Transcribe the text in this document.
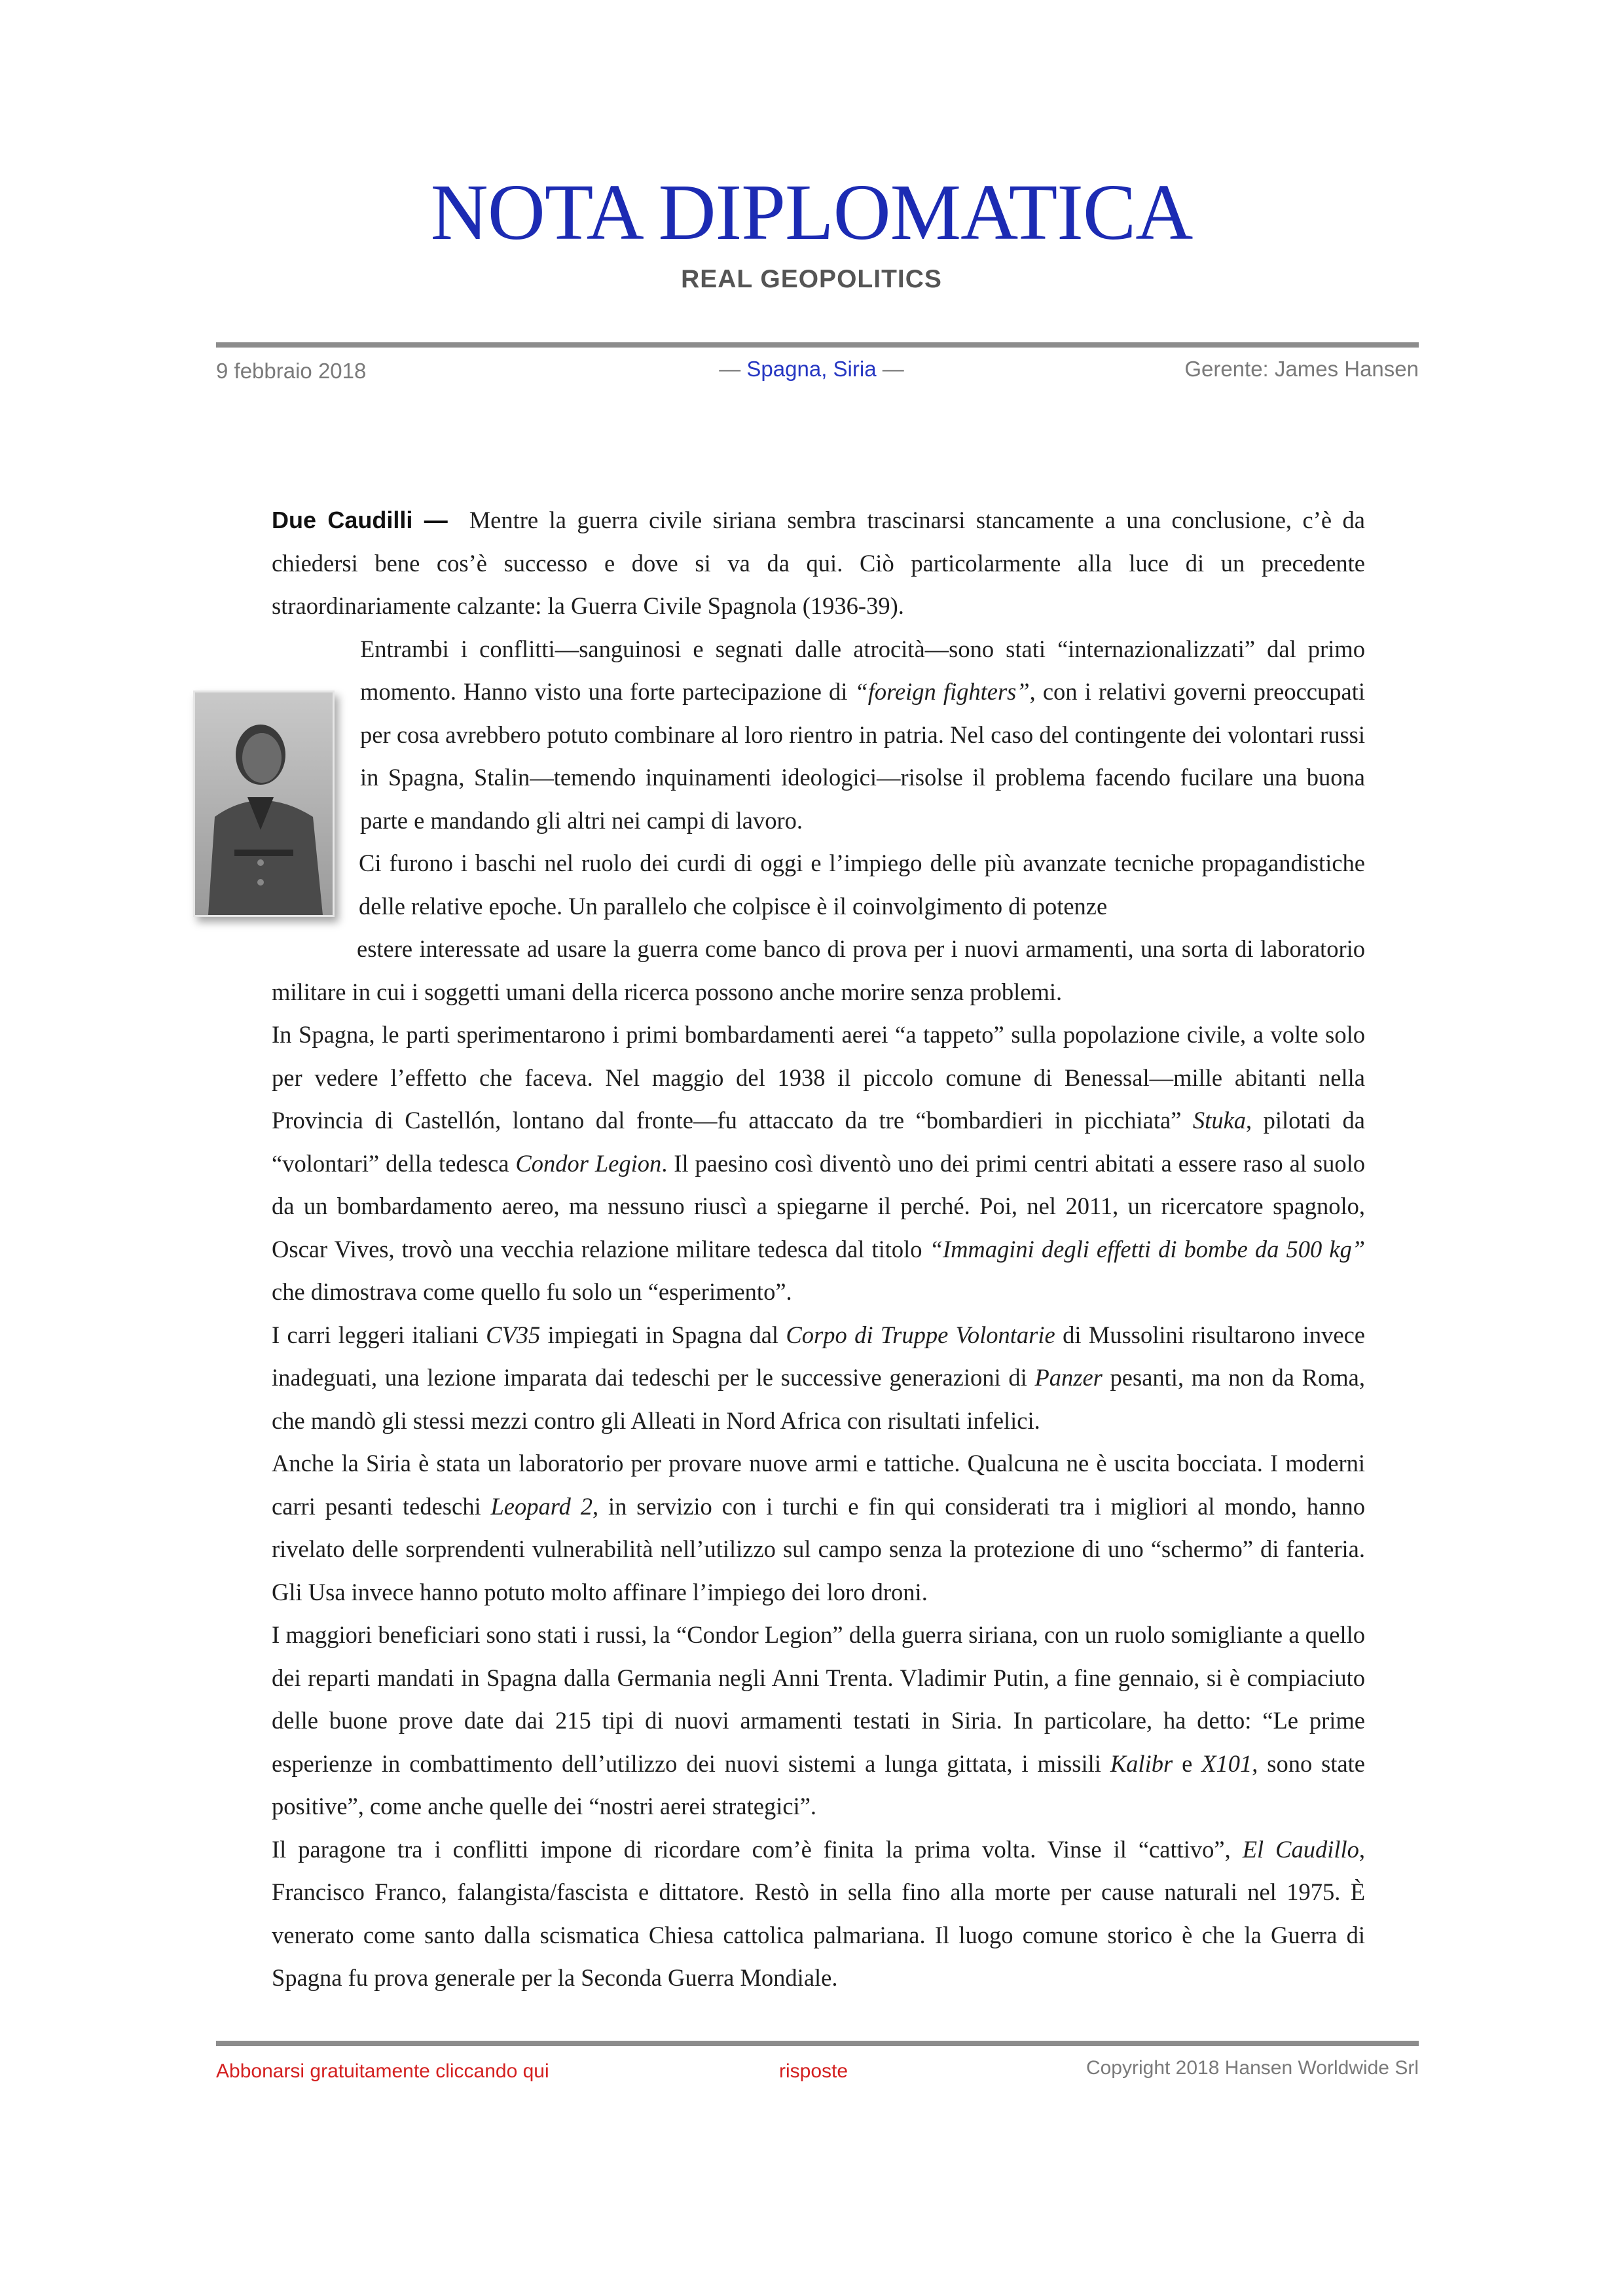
NOTA DIPLOMATICA
REAL GEOPOLITICS
9 febbraio 2018	— Spagna, Siria —	Gerente: James Hansen

Due Caudilli — Mentre la guerra civile siriana sembra trascinarsi stancamente a una conclusione, c’è da chiedersi bene cos’è successo e dove si va da qui. Ciò particolarmente alla luce di un precedente straordinariamente calzante: la Guerra Civile Spagnola (1936-39).

Entrambi i conflitti—sanguinosi e segnati dalle atrocità—sono stati “internazionalizzati” dal primo momento. Hanno visto una forte partecipazione di “foreign fighters”, con i relativi governi preoccupati per cosa avrebbero potuto combinare al loro rientro in patria. Nel caso del contingente dei volontari russi in Spagna, Stalin—temendo inquinamenti ideologici—risolse il problema facendo fucilare una buona parte e mandando gli altri nei campi di lavoro.

Ci furono i baschi nel ruolo dei curdi di oggi e l’impiego delle più avanzate tecniche propagandistiche delle relative epoche. Un parallelo che colpisce è il coinvolgimento di potenze

estere interessate ad usare la guerra come banco di prova per i nuovi armamenti, una sorta di laboratorio militare in cui i soggetti umani della ricerca possono anche morire senza problemi.

In Spagna, le parti sperimentarono i primi bombardamenti aerei “a tappeto” sulla popolazione civile, a volte solo per vedere l’effetto che faceva. Nel maggio del 1938 il piccolo comune di Benessal—mille abitanti nella Provincia di Castellón, lontano dal fronte—fu attaccato da tre “bombardieri in picchiata” Stuka, pilotati da “volontari” della tedesca Condor Legion. Il paesino così diventò uno dei primi centri abitati a essere raso al suolo da un bombardamento aereo, ma nessuno riuscì a spiegarne il perché. Poi, nel 2011, un ricercatore spagnolo, Oscar Vives, trovò una vecchia relazione militare tedesca dal titolo “Immagini degli effetti di bombe da 500 kg” che dimostrava come quello fu solo un “esperimento”.

I carri leggeri italiani CV35 impiegati in Spagna dal Corpo di Truppe Volontarie di Mussolini risultarono invece inadeguati, una lezione imparata dai tedeschi per le successive generazioni di Panzer pesanti, ma non da Roma, che mandò gli stessi mezzi contro gli Alleati in Nord Africa con risultati infelici.

Anche la Siria è stata un laboratorio per provare nuove armi e tattiche. Qualcuna ne è uscita bocciata. I moderni carri pesanti tedeschi Leopard 2, in servizio con i turchi e fin qui considerati tra i migliori al mondo, hanno rivelato delle sorprendenti vulnerabilità nell’utilizzo sul campo senza la protezione di uno “schermo” di fanteria. Gli Usa invece hanno potuto molto affinare l’impiego dei loro droni.

I maggiori beneficiari sono stati i russi, la “Condor Legion” della guerra siriana, con un ruolo somigliante a quello dei reparti mandati in Spagna dalla Germania negli Anni Trenta. Vladimir Putin, a fine gennaio, si è compiaciuto delle buone prove date dai 215 tipi di nuovi armamenti testati in Siria. In particolare, ha detto: “Le prime esperienze in combattimento dell’utilizzo dei nuovi sistemi a lunga gittata, i missili Kalibr e X101, sono state positive”, come anche quelle dei “nostri aerei strategici”.

Il paragone tra i conflitti impone di ricordare com’è finita la prima volta. Vinse il “cattivo”, El Caudillo, Francisco Franco, falangista/fascista e dittatore. Restò in sella fino alla morte per cause naturali nel 1975. È venerato come santo dalla scismatica Chiesa cattolica palmariana. Il luogo comune storico è che la Guerra di Spagna fu prova generale per la Seconda Guerra Mondiale.

Abbonarsi gratuitamente cliccando qui	risposte	Copyright 2018 Hansen Worldwide Srl
